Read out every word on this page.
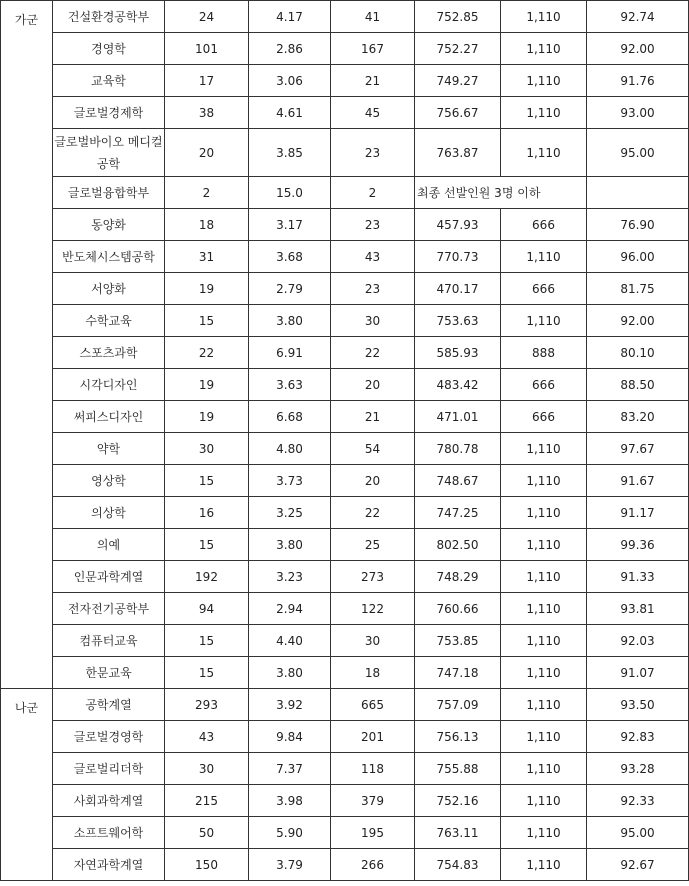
가군	건설환경공학부	24	4.17	41	752.85	1,110	92.74
	경영학	101	2.86	167	752.27	1,110	92.00
	교육학	17	3.06	21	749.27	1,110	91.76
	글로벌경제학	38	4.61	45	756.67	1,110	93.00
	글로벌바이오 메디컬공학	20	3.85	23	763.87	1,110	95.00
	글로벌융합학부	2	15.0	2	최종 선발인원 3명 이하		
	동양화	18	3.17	23	457.93	666	76.90
	반도체시스템공학	31	3.68	43	770.73	1,110	96.00
	서양화	19	2.79	23	470.17	666	81.75
	수학교육	15	3.80	30	753.63	1,110	92.00
	스포츠과학	22	6.91	22	585.93	888	80.10
	시각디자인	19	3.63	20	483.42	666	88.50
	써피스디자인	19	6.68	21	471.01	666	83.20
	약학	30	4.80	54	780.78	1,110	97.67
	영상학	15	3.73	20	748.67	1,110	91.67
	의상학	16	3.25	22	747.25	1,110	91.17
	의예	15	3.80	25	802.50	1,110	99.36
	인문과학계열	192	3.23	273	748.29	1,110	91.33
	전자전기공학부	94	2.94	122	760.66	1,110	93.81
	컴퓨터교육	15	4.40	30	753.85	1,110	92.03
	한문교육	15	3.80	18	747.18	1,110	91.07
나군	공학계열	293	3.92	665	757.09	1,110	93.50
	글로벌경영학	43	9.84	201	756.13	1,110	92.83
	글로벌리더학	30	7.37	118	755.88	1,110	93.28
	사회과학계열	215	3.98	379	752.16	1,110	92.33
	소프트웨어학	50	5.90	195	763.11	1,110	95.00
	자연과학계열	150	3.79	266	754.83	1,110	92.67
